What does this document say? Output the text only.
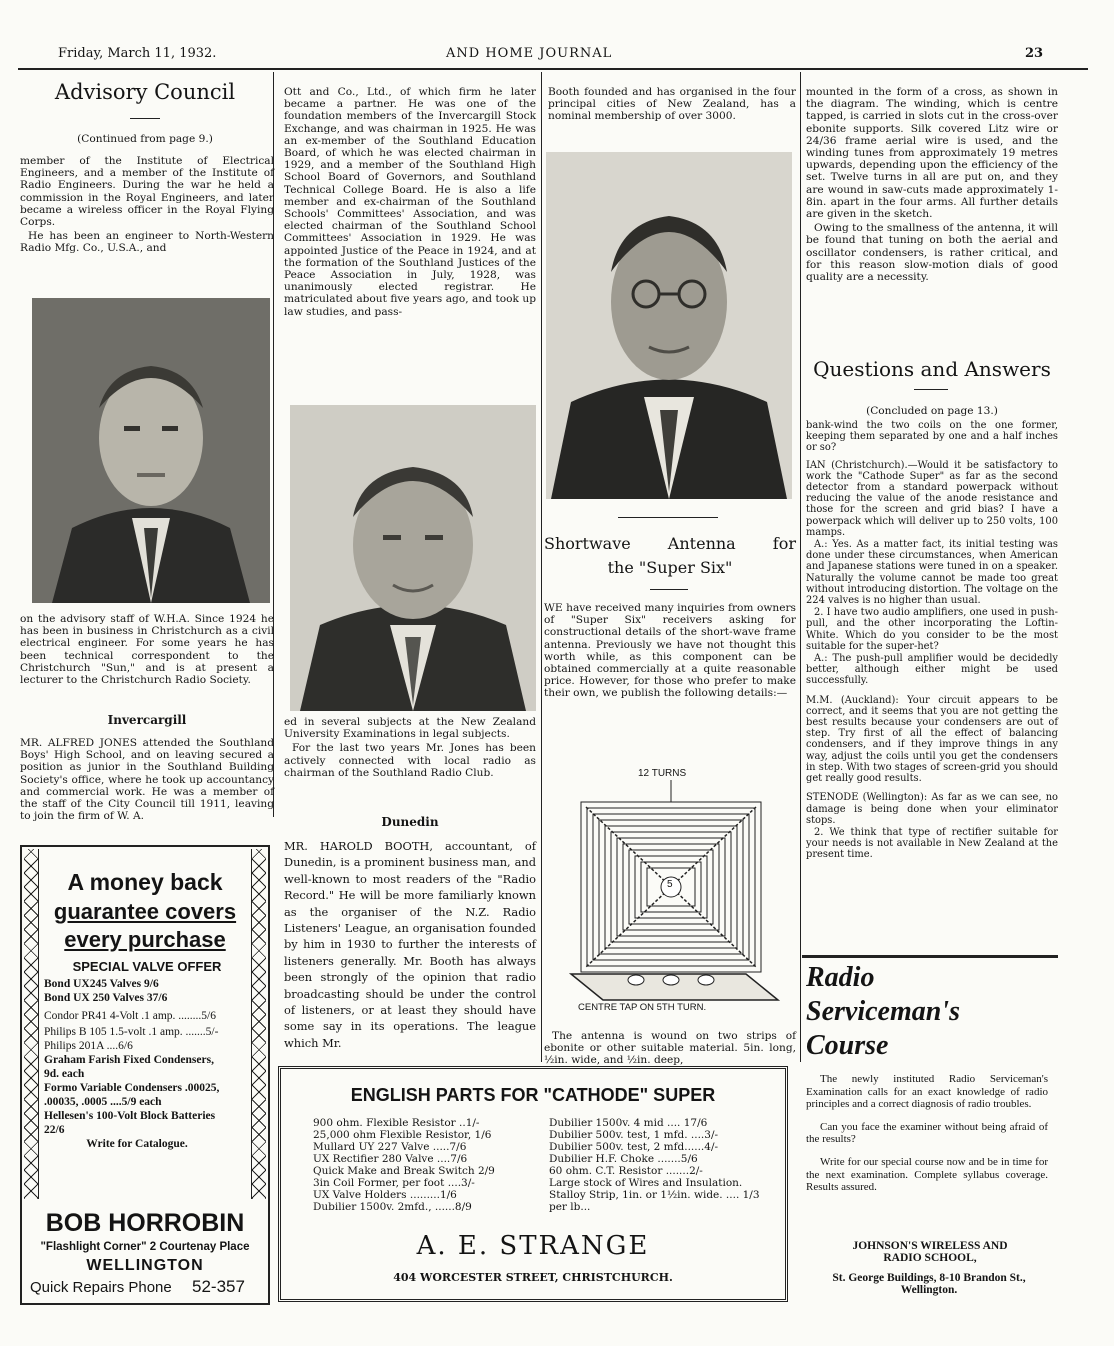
Friday, March 11, 1932.	AND HOME JOURNAL	23
Advisory Council
(Continued from page 9.)

member of the Institute of Electrical Engineers, and a member of the Institute of Radio Engineers. During the war he held a commission in the Royal Engineers, and later became a wireless officer in the Royal Flying Corps.

He has been an engineer to North-Western Radio Mfg. Co., U.S.A., and

on the advisory staff of W.H.A. Since 1924 he has been in business in Christchurch as a civil electrical engineer. For some years he has been technical correspondent to the Christchurch "Sun," and is at present a lecturer to the Christchurch Radio Society.

Invercargill

MR. ALFRED JONES attended the Southland Boys' High School, and on leaving secured a position as junior in the Southland Building Society's office, where he took up accountancy and commercial work. He was a member of the staff of the City Council till 1911, leaving to join the firm of W. A.

A money back
guarantee covers
every purchase
SPECIAL VALVE OFFER
Bond UX245 Valves 9/6
Bond UX 250 Valves 37/6
Condor PR41 4-Volt .1 amp. ........5/6
Philips B 105 1.5-volt .1 amp. .......5/-
Philips 201A ....6/6
Graham Farish Fixed Condensers, 9d. each
Formo Variable Condensers .00025, .00035, .0005 ....5/9 each
Hellesen's 100-Volt Block Batteries 22/6
Write for Catalogue.
BOB HORROBIN
"Flashlight Corner" 2 Courtenay Place
WELLINGTON
Quick Repairs Phone 52-357

Ott and Co., Ltd., of which firm he later became a partner. He was one of the foundation members of the Invercargill Stock Exchange, and was chairman in 1925. He was an ex-member of the Southland Education Board, of which he was elected chairman in 1929, and a member of the Southland High School Board of Governors, and Southland Technical College Board. He is also a life member and ex-chairman of the Southland Schools' Committees' Association, and was elected chairman of the Southland School Committees' Association in 1929. He was appointed Justice of the Peace in 1924, and at the formation of the Southland Justices of the Peace Association in July, 1928, was unanimously elected registrar. He matriculated about five years ago, and took up law studies, and pass-

ed in several subjects at the New Zealand University Examinations in legal subjects.

For the last two years Mr. Jones has been actively connected with local radio as chairman of the Southland Radio Club.

Dunedin

MR. HAROLD BOOTH, accountant, of Dunedin, is a prominent business man, and well-known to most readers of the "Radio Record." He will be more familiarly known as the organiser of the N.Z. Radio Listeners' League, an organisation founded by him in 1930 to further the interests of listeners generally. Mr. Booth has always been strongly of the opinion that radio broadcasting should be under the control of listeners, or at least they should have some say in its operations. The league which Mr.

Booth founded and has organised in the four principal cities of New Zealand, has a nominal membership of over 3000.

Shortwave Antenna for
the "Super Six"

WE have received many inquiries from owners of "Super Six" receivers asking for constructional details of the short-wave frame antenna. Previously we have not thought this worth while, as this component can be obtained commercially at a quite reasonable price. However, for those who prefer to make their own, we publish the following details:—

12 TURNS
5
CENTRE TAP ON 5TH TURN.

The antenna is wound on two strips of ebonite or other suitable material. 5in. long, ½in. wide, and ½in. deep,

mounted in the form of a cross, as shown in the diagram. The winding, which is centre tapped, is carried in slots cut in the cross-over ebonite supports. Silk covered Litz wire or 24/36 frame aerial wire is used, and the winding tunes from approximately 19 metres upwards, depending upon the efficiency of the set. Twelve turns in all are put on, and they are wound in saw-cuts made approximately 1-8in. apart in the four arms. All further details are given in the sketch.

Owing to the smallness of the antenna, it will be found that tuning on both the aerial and oscillator condensers, is rather critical, and for this reason slow-motion dials of good quality are a necessity.

Questions and Answers
(Concluded on page 13.)

bank-wind the two coils on the one former, keeping them separated by one and a half inches or so?

IAN (Christchurch).—Would it be satisfactory to work the "Cathode Super" as far as the second detector from a standard powerpack without reducing the value of the anode resistance and those for the screen and grid bias? I have a powerpack which will deliver up to 250 volts, 100 mamps.

A.: Yes. As a matter fact, its initial testing was done under these circumstances, when American and Japanese stations were tuned in on a speaker. Naturally the volume cannot be made too great without introducing distortion. The voltage on the 224 valves is no higher than usual.

2. I have two audio amplifiers, one used in push-pull, and the other incorporating the Loftin-White. Which do you consider to be the most suitable for the super-het?

A.: The push-pull amplifier would be decidedly better, although either might be used successfully.

M.M. (Auckland): Your circuit appears to be correct, and it seems that you are not getting the best results because your condensers are out of step. Try first of all the effect of balancing condensers, and if they improve things in any way, adjust the coils until you get the condensers in step. With two stages of screen-grid you should get really good results.

STENODE (Wellington): As far as we can see, no damage is being done when your eliminator stops.

2. We think that type of rectifier suitable for your needs is not available in New Zealand at the present time.

Radio
Serviceman's
Course

The newly instituted Radio Serviceman's Examination calls for an exact knowledge of radio principles and a correct diagnosis of radio troubles.

Can you face the examiner without being afraid of the results?

Write for our special course now and be in time for the next examination. Complete syllabus coverage. Results assured.

JOHNSON'S WIRELESS AND RADIO SCHOOL,
St. George Buildings, 8-10 Brandon St., Wellington.
ENGLISH PARTS FOR "CATHODE" SUPER
900 ohm. Flexible Resistor ..1/-
25,000 ohm Flexible Resistor, 1/6
Mullard UY 227 Valve .....7/6
UX Rectifier 280 Valve ....7/6
Quick Make and Break Switch 2/9
3in Coil Former, per foot ....3/-
UX Valve Holders .........1/6
Dubilier 1500v. 2mfd., ......8/9
Dubilier 1500v. 4 mid .... 17/6
Dubilier 500v. test, 1 mfd. ....3/-
Dubilier 500v. test, 2 mfd......4/-
Dubilier H.F. Choke .......5/6
60 ohm. C.T. Resistor .......2/-
Large stock of Wires and Insulation.
Stalloy Strip, 1in. or 1½in. wide. .... 1/3 per lb...
A. E. STRANGE
404 WORCESTER STREET, CHRISTCHURCH.
